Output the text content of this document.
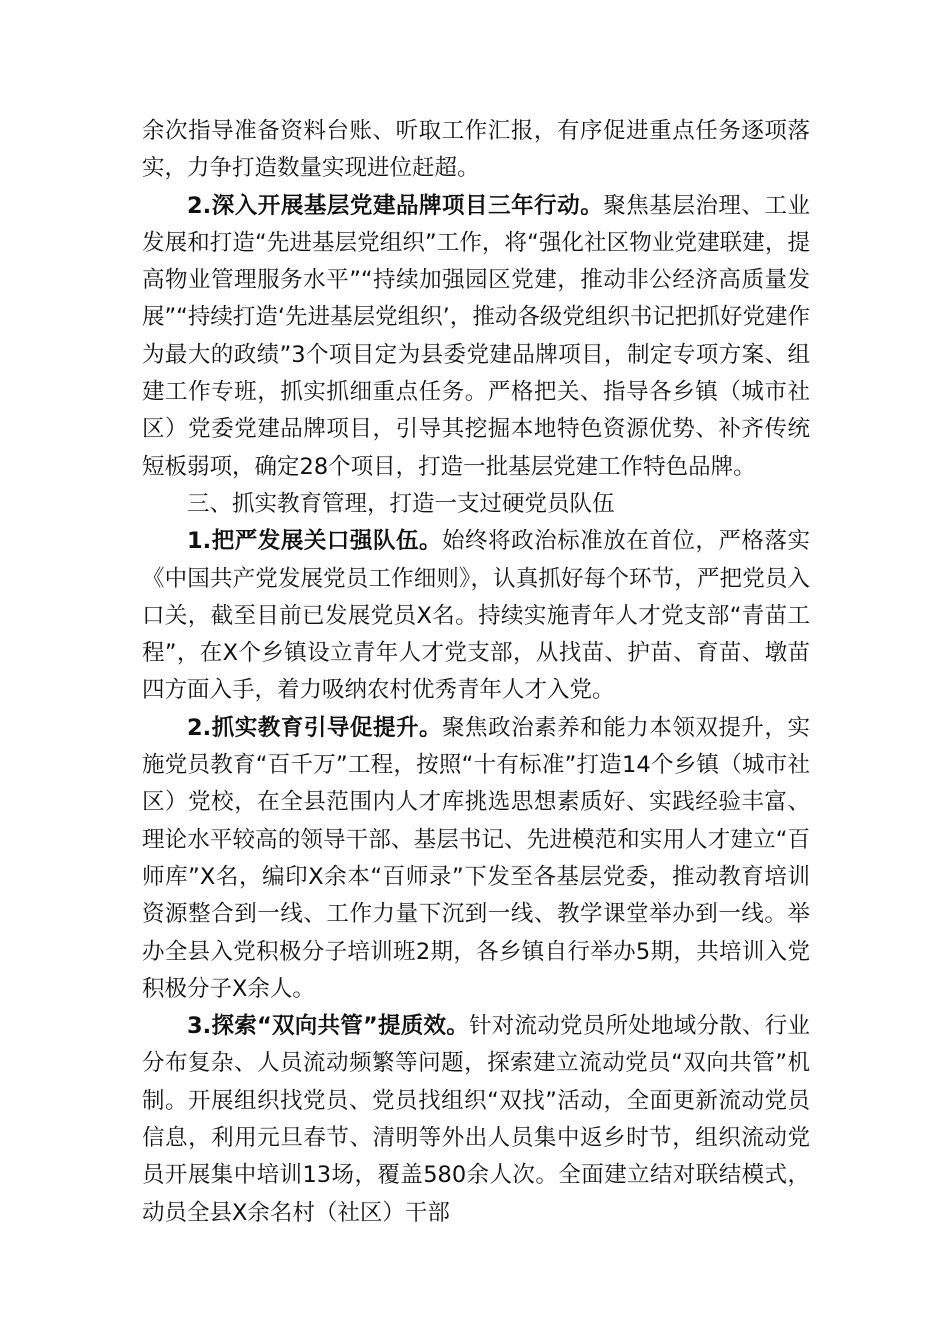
余次指导准备资料台账、听取工作汇报，有序促进重点任务逐项落实，力争打造数量实现进位赶超。

2.深入开展基层党建品牌项目三年行动。聚焦基层治理、工业发展和打造“先进基层党组织”工作，将“强化社区物业党建联建，提高物业管理服务水平”“持续加强园区党建，推动非公经济高质量发展”“持续打造‘先进基层党组织’，推动各级党组织书记把抓好党建作为最大的政绩”3个项目定为县委党建品牌项目，制定专项方案、组建工作专班，抓实抓细重点任务。严格把关、指导各乡镇（城市社区）党委党建品牌项目，引导其挖掘本地特色资源优势、补齐传统短板弱项，确定28个项目，打造一批基层党建工作特色品牌。

三、抓实教育管理，打造一支过硬党员队伍

1.把严发展关口强队伍。始终将政治标准放在首位，严格落实《中国共产党发展党员工作细则》，认真抓好每个环节，严把党员入口关，截至目前已发展党员X名。持续实施青年人才党支部“青苗工程”，在X个乡镇设立青年人才党支部，从找苗、护苗、育苗、墩苗四方面入手，着力吸纳农村优秀青年人才入党。

2.抓实教育引导促提升。聚焦政治素养和能力本领双提升，实施党员教育“百千万”工程，按照“十有标准”打造14个乡镇（城市社区）党校，在全县范围内人才库挑选思想素质好、实践经验丰富、理论水平较高的领导干部、基层书记、先进模范和实用人才建立“百师库”X名，编印X余本“百师录”下发至各基层党委，推动教育培训资源整合到一线、工作力量下沉到一线、教学课堂举办到一线。举办全县入党积极分子培训班2期，各乡镇自行举办5期，共培训入党积极分子X余人。

3.探索“双向共管”提质效。针对流动党员所处地域分散、行业分布复杂、人员流动频繁等问题，探索建立流动党员“双向共管”机制。开展组织找党员、党员找组织“双找”活动，全面更新流动党员信息，利用元旦春节、清明等外出人员集中返乡时节，组织流动党员开展集中培训13场，覆盖580余人次。全面建立结对联结模式，动员全县X余名村（社区）干部
